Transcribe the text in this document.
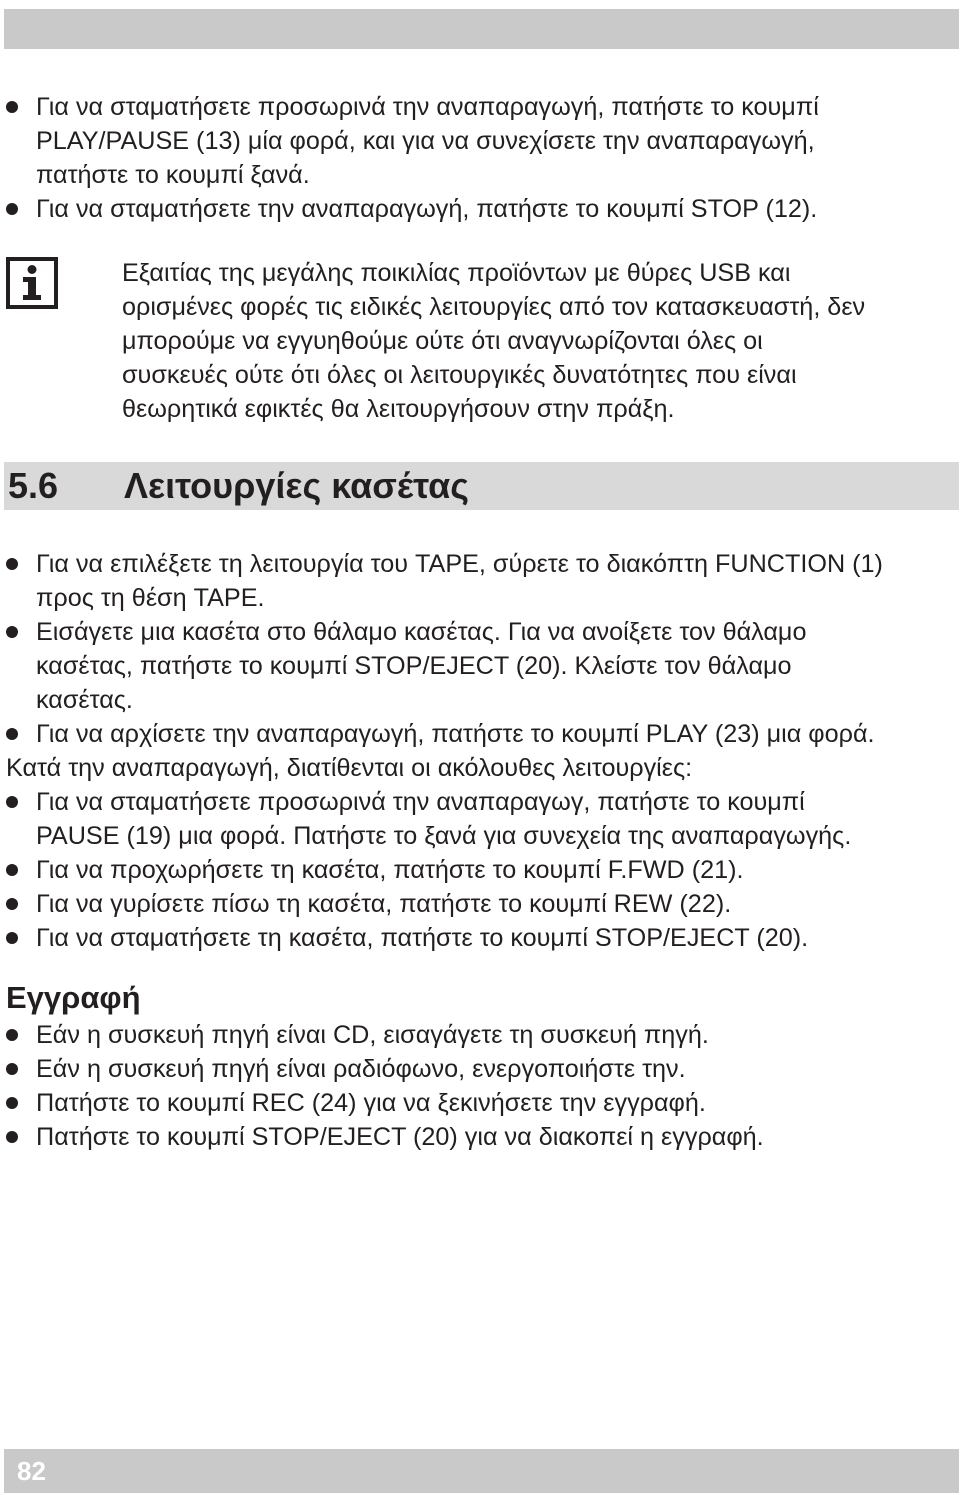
Για να σταματήσετε προσωρινά την αναπαραγωγή, πατήστε το κουμπί
PLAY/PAUSE (13) μία φορά, και για να συνεχίσετε την αναπαραγωγή,
πατήστε το κουμπί ξανά.
Για να σταματήσετε την αναπαραγωγή, πατήστε το κουμπί STOP (12).
Εξαιτίας της μεγάλης ποικιλίας προϊόντων με θύρες USB και
ορισμένες φορές τις ειδικές λειτουργίες από τον κατασκευαστή, δεν
μπορούμε να εγγυηθούμε ούτε ότι αναγνωρίζονται όλες οι
συσκευές ούτε ότι όλες οι λειτουργικές δυνατότητες που είναι
θεωρητικά εφικτές θα λειτουργήσουν στην πράξη.
5.6 Λειτουργίες κασέτας
Για να επιλέξετε τη λειτουργία του TAPE, σύρετε το διακόπτη FUNCTION (1)
προς τη θέση TAPE.
Εισάγετε μια κασέτα στο θάλαμο κασέτας. Για να ανοίξετε τον θάλαμο
κασέτας, πατήστε το κουμπί STOP/EJECT (20). Κλείστε τον θάλαμο
κασέτας.
Για να αρχίσετε την αναπαραγωγή, πατήστε το κουμπί PLAY (23) μια φορά.

Κατά την αναπαραγωγή, διατίθενται οι ακόλουθες λειτουργίες:

Για να σταματήσετε προσωρινά την αναπαραγωγ, πατήστε το κουμπί
PAUSE (19) μια φορά. Πατήστε το ξανά για συνεχεία της αναπαραγωγής.
Για να προχωρήσετε τη κασέτα, πατήστε το κουμπί F.FWD (21).
Για να γυρίσετε πίσω τη κασέτα, πατήστε το κουμπί REW (22).
Για να σταματήσετε τη κασέτα, πατήστε το κουμπί STOP/EJECT (20).
Εγγραφή
Εάν η συσκευή πηγή είναι CD, εισαγάγετε τη συσκευή πηγή.
Εάν η συσκευή πηγή είναι ραδιόφωνο, ενεργοποιήστε την.
Πατήστε το κουμπί REC (24) για να ξεκινήσετε την εγγραφή.
Πατήστε το κουμπί STOP/EJECT (20) για να διακοπεί η εγγραφή.
82
